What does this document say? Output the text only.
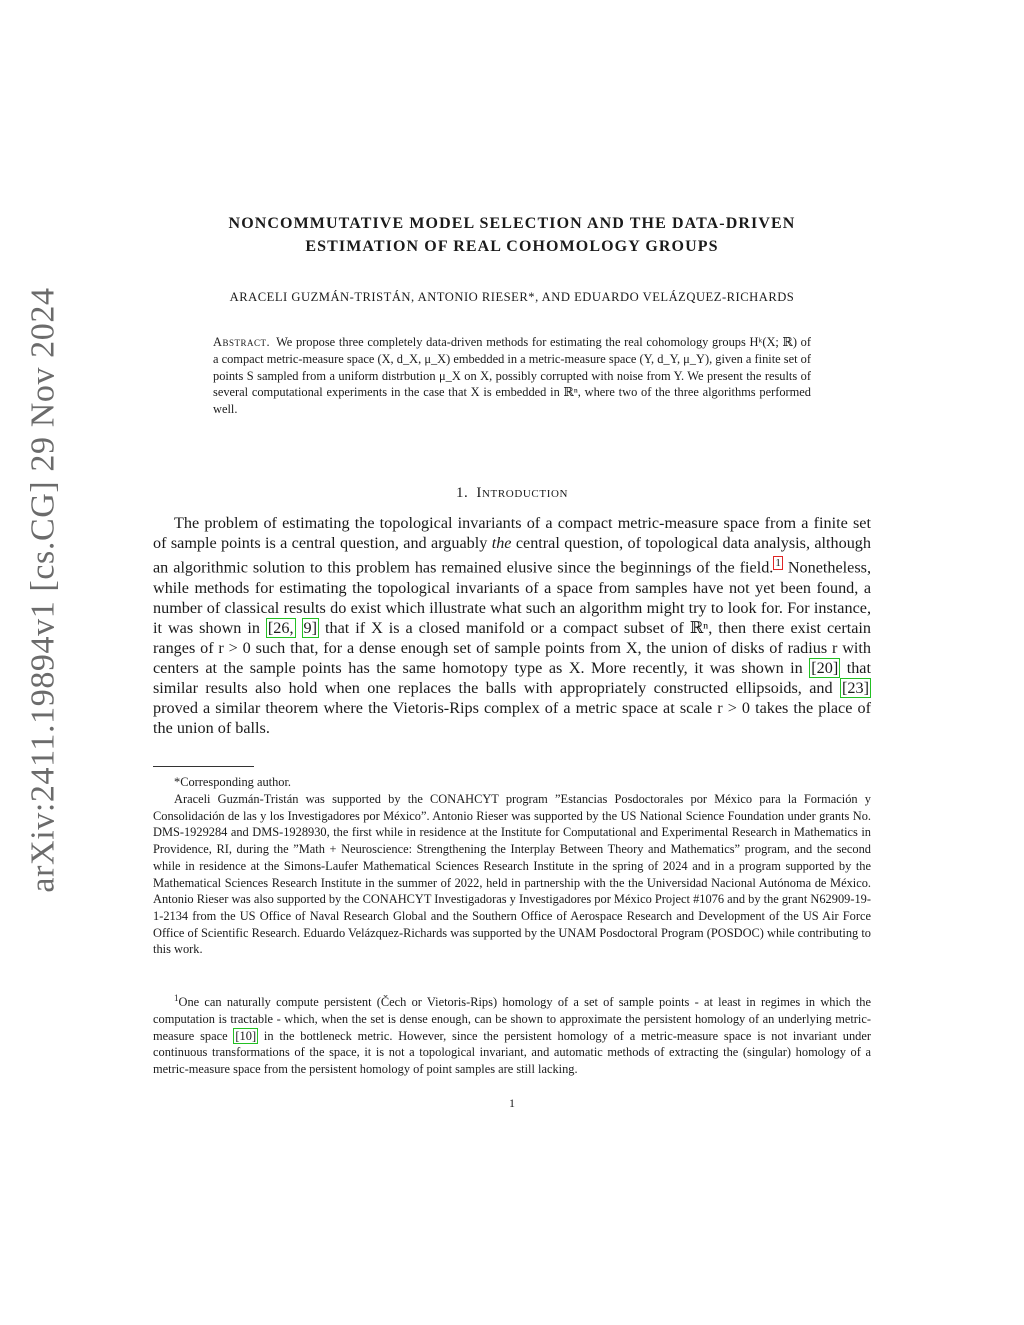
arXiv:2411.19894v1 [cs.CG] 29 Nov 2024
NONCOMMUTATIVE MODEL SELECTION AND THE DATA-DRIVEN
ESTIMATION OF REAL COHOMOLOGY GROUPS
ARACELI GUZMÁN-TRISTÁN, ANTONIO RIESER*, AND EDUARDO VELÁZQUEZ-RICHARDS
Abstract. We propose three completely data-driven methods for estimating the real cohomology groups Hᵏ(X; ℝ) of a compact metric-measure space (X, d_X, μ_X) embedded in a metric-measure space (Y, d_Y, μ_Y), given a finite set of points S sampled from a uniform distrbution μ_X on X, possibly corrupted with noise from Y. We present the results of several computational experiments in the case that X is embedded in ℝⁿ, where two of the three algorithms performed well.
1. Introduction
The problem of estimating the topological invariants of a compact metric-measure space from a finite set of sample points is a central question, and arguably the central question, of topological data analysis, although an algorithmic solution to this problem has remained elusive since the beginnings of the field. $^1$ Nonetheless, while methods for estimating the topological invariants of a space from samples have not yet been found, a number of classical results do exist which illustrate what such an algorithm might try to look for. For instance, it was shown in [26, 9] that if X is a closed manifold or a compact subset of ℝⁿ, then there exist certain ranges of r > 0 such that, for a dense enough set of sample points from X, the union of disks of radius r with centers at the sample points has the same homotopy type as X. More recently, it was shown in [20] that similar results also hold when one replaces the balls with appropriately constructed ellipsoids, and [23] proved a similar theorem where the Vietoris-Rips complex of a metric space at scale r > 0 takes the place of the union of balls.
*Corresponding author.
Araceli Guzmán-Tristán was supported by the CONAHCYT program ”Estancias Posdoctorales por México para la Formación y Consolidación de las y los Investigadores por México”. Antonio Rieser was supported by the US National Science Foundation under grants No. DMS-1929284 and DMS-1928930, the first while in residence at the Institute for Computational and Experimental Research in Mathematics in Providence, RI, during the ”Math + Neuroscience: Strengthening the Interplay Between Theory and Mathematics” program, and the second while in residence at the Simons-Laufer Mathematical Sciences Research Institute in the spring of 2024 and in a program supported by the Mathematical Sciences Research Institute in the summer of 2022, held in partnership with the the Universidad Nacional Autónoma de México. Antonio Rieser was also supported by the CONAHCYT Investigadoras y Investigadores por México Project #1076 and by the grant N62909-19-1-2134 from the US Office of Naval Research Global and the Southern Office of Aerospace Research and Development of the US Air Force Office of Scientific Research. Eduardo Velázquez-Richards was supported by the UNAM Posdoctoral Program (POSDOC) while contributing to this work.
$^1$One can naturally compute persistent (Čech or Vietoris-Rips) homology of a set of sample points - at least in regimes in which the computation is tractable - which, when the set is dense enough, can be shown to approximate the persistent homology of an underlying metric-measure space [10] in the bottleneck metric. However, since the persistent homology of a metric-measure space is not invariant under continuous transformations of the space, it is not a topological invariant, and automatic methods of extracting the (singular) homology of a metric-measure space from the persistent homology of point samples are still lacking.
1
